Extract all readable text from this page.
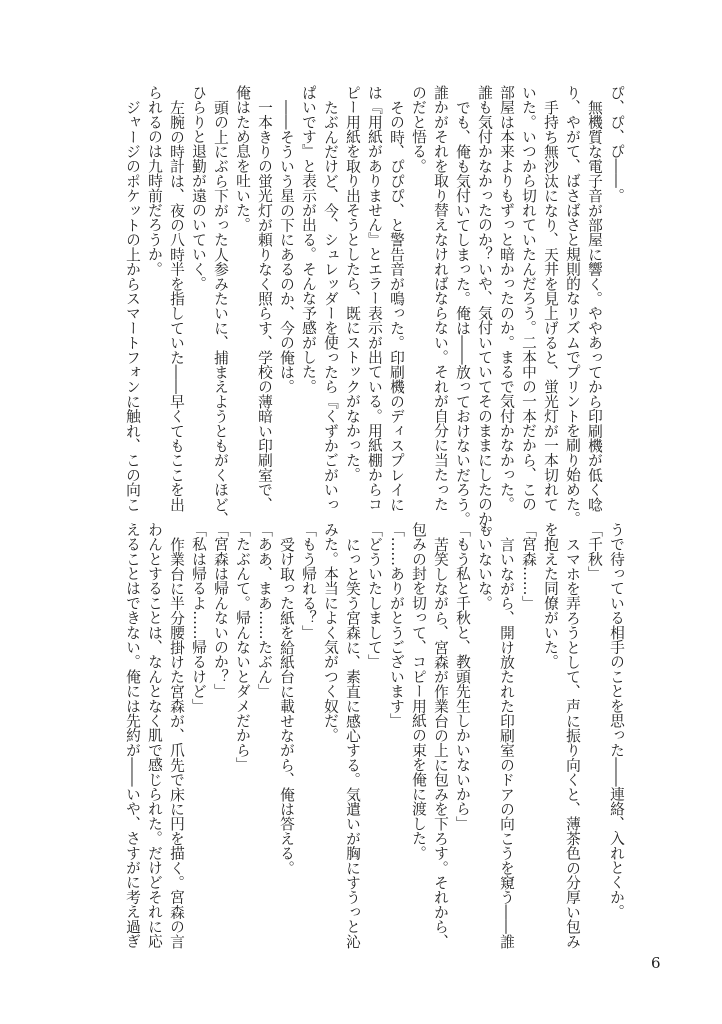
ぴ、ぴ、ぴ――。
無機質な電子音が部屋に響く。ややあってから印刷機が低く唸
り、やがて、ばさばさと規則的なリズムでプリントを刷り始めた。
手持ち無沙汰になり、天井を見上げると、蛍光灯が一本切れて
いた。いつから切れていたんだろう。二本中の一本だから、この
部屋は本来よりもずっと暗かったのか。まるで気付かなかった。
誰も気付かなかったのか？いや、気付いていてそのままにしたのか。
でも、俺も気付いてしまった。俺は――放っておけないだろう。
誰かがそれを取り替えなければならない。それが自分に当たった
のだと悟る。
その時、ぴぴぴ、と警告音が鳴った。印刷機のディスプレイに
は『用紙がありません』とエラー表示が出ている。用紙棚からコ
ピー用紙を取り出そうとしたら、既にストックがなかった。
たぶんだけど、今、シュレッダーを使ったら『くずかごがいっ
ぱいです』と表示が出る。そんな予感がした。
――そういう星の下にあるのか、今の俺は。
一本きりの蛍光灯が頼りなく照らす、学校の薄暗い印刷室で、
俺はため息を吐いた。
頭の上にぶら下がった人参みたいに、捕まえようともがくほど、
ひらりと退勤が遠のいていく。
左腕の時計は、夜の八時半を指していた――早くてもここを出
られるのは九時前だろうか。
ジャージのポケットの上からスマートフォンに触れ、この向こ
うで待っている相手のことを思った――連絡、入れとくか。
「千秋」
スマホを弄ろうとして、声に振り向くと、薄茶色の分厚い包み
を抱えた同僚がいた。
「宮森……」
言いながら、開け放たれた印刷室のドアの向こうを窺う――誰
もいないな。
「もう私と千秋と、教頭先生しかいないから」
苦笑しながら、宮森が作業台の上に包みを下ろす。それから、
包みの封を切って、コピー用紙の束を俺に渡した。
「……ありがとうございます」
「どういたしまして」
にっと笑う宮森に、素直に感心する。気遣いが胸にすうっと沁
みた。本当によく気がつく奴だ。
「もう帰れる？」
受け取った紙を給紙台に載せながら、俺は答える。
「ああ、まあ……たぶん」
「たぶんて。帰んないとダメだから」
「宮森は帰んないのか？」
「私は帰るよ……帰るけど」
作業台に半分腰掛けた宮森が、爪先で床に円を描く。宮森の言
わんとすることは、なんとなく肌で感じられた。だけどそれに応
えることはできない。俺には先約が――いや、さすがに考え過ぎ
6
